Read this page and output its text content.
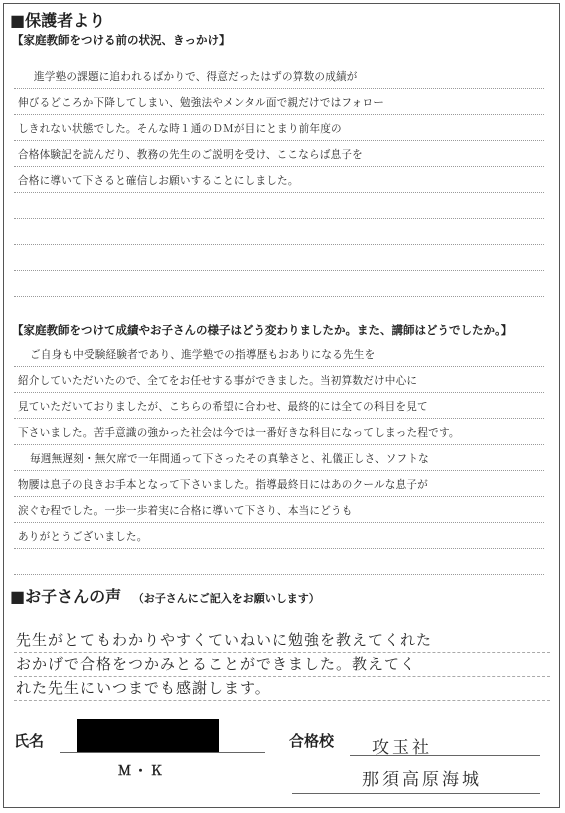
■保護者より
【家庭教師をつける前の状況、きっかけ】
進学塾の課題に追われるばかりで、得意だったはずの算数の成績が
伸びるどころか下降してしまい、勉強法やメンタル面で親だけではフォロー
しきれない状態でした。そんな時１通のＤＭが目にとまり前年度の
合格体験記を読んだり、教務の先生のご説明を受け、ここならば息子を
合格に導いて下さると確信しお願いすることにしました。
【家庭教師をつけて成績やお子さんの様子はどう変わりましたか。また、講師はどうでしたか。】
ご自身も中受験経験者であり、進学塾での指導歴もおありになる先生を
紹介していただいたので、全てをお任せする事ができました。当初算数だけ中心に
見ていただいておりましたが、こちらの希望に合わせ、最終的には全ての科目を見て
下さいました。苦手意識の強かった社会は今では一番好きな科目になってしまった程です。
毎週無遅刻・無欠席で一年間通って下さったその真摯さと、礼儀正しさ、ソフトな
物腰は息子の良きお手本となって下さいました。指導最終日にはあのクールな息子が
涙ぐむ程でした。一歩一歩着実に合格に導いて下さり、本当にどうも
ありがとうございました。
■お子さんの声 （お子さんにご記入をお願いします）
先生がとてもわかりやすくていねいに勉強を教えてくれた
おかげで合格をつかみとることができました。教えてく
れた先生にいつまでも感謝します。
氏名
Ｍ・Ｋ
合格校 攻玉社
那須高原海城
